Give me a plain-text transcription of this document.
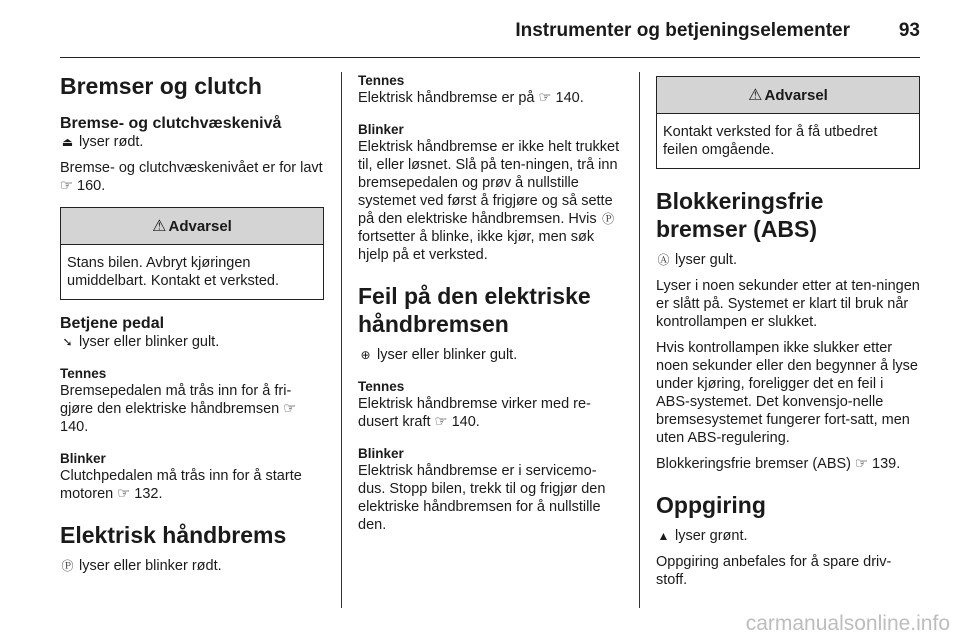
Instrumenter og betjeningselementer	93
Bremser og clutch
Bremse- og clutchvæskenivå

⏏ lyser rødt.

Bremse- og clutchvæskenivået er for lavt ☞ 160.

⚠ Advarsel
Stans bilen. Avbryt kjøringen umiddelbart. Kontakt et verksted.
Betjene pedal

➘ lyser eller blinker gult.

Tennes

Bremsepedalen må trås inn for å fri-gjøre den elektriske håndbremsen ☞ 140.

Blinker

Clutchpedalen må trås inn for å starte motoren ☞ 132.

Elektrisk håndbrems

Ⓟ lyser eller blinker rødt.

Tennes

Elektrisk håndbremse er på ☞ 140.

Blinker

Elektrisk håndbremse er ikke helt trukket til, eller løsnet. Slå på ten-ningen, trå inn bremsepedalen og prøv å nullstille systemet ved først å frigjøre og så sette på den elektriske håndbremsen. Hvis Ⓟfortsetter å blinke, ikke kjør, men søk hjelp på et verksted.

Feil på den elektriske håndbremsen

⊕ lyser eller blinker gult.

Tennes

Elektrisk håndbremse virker med re-dusert kraft ☞ 140.

Blinker

Elektrisk håndbremse er i servicemo-dus. Stopp bilen, trekk til og frigjør den elektriske håndbremsen for å nullstille den.

⚠ Advarsel
Kontakt verksted for å få utbedret feilen omgående.
Blokkeringsfrie bremser (ABS)

Ⓐ lyser gult.

Lyser i noen sekunder etter at ten-ningen er slått på. Systemet er klart til bruk når kontrollampen er slukket.

Hvis kontrollampen ikke slukker etter noen sekunder eller den begynner å lyse under kjøring, foreligger det en feil i ABS-systemet. Det konvensjo-nelle bremsesystemet fungerer fort-satt, men uten ABS-regulering.

Blokkeringsfrie bremser (ABS) ☞ 139.

Oppgiring

▲ lyser grønt.

Oppgiring anbefales for å spare driv-stoff.

carmanualsonline.info
